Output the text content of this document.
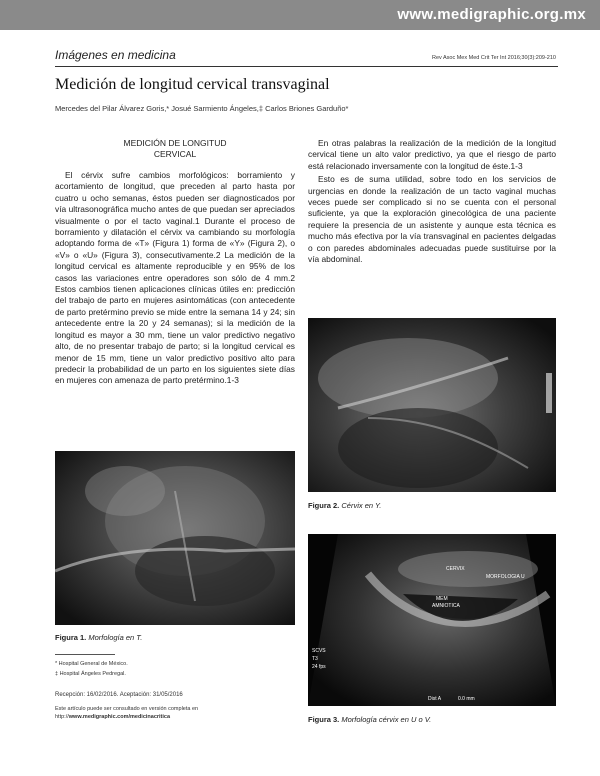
www.medigraphic.org.mx
Imágenes en medicina	Rev Asoc Mex Med Crit Ter Int 2016;30(3):209-210
Medición de longitud cervical transvaginal
Mercedes del Pilar Álvarez Goris,* Josué Sarmiento Ángeles,‡ Carlos Briones Garduño*
MEDICIÓN DE LONGITUD
CERVICAL

El cérvix sufre cambios morfológicos: borramiento y acortamiento de longitud, que preceden al parto hasta por cuatro u ocho semanas, éstos pueden ser diagnosticados por vía ultrasonográfica mucho antes de que puedan ser apreciados visualmente o por el tacto vaginal.1 Durante el proceso de borramiento y dilatación el cérvix va cambiando su morfología adoptando forma de «T» (Figura 1) forma de «Y» (Figura 2), o «V» o «U» (Figura 3), consecutivamente.2 La medición de la longitud cervical es altamente reproducible y en 95% de los casos las variaciones entre operadores son sólo de 4 mm.2 Estos cambios tienen aplicaciones clínicas útiles en: predicción del trabajo de parto en mujeres asintomáticas (con antecedente de parto pretérmino previo se mide entre la semana 14 y 24; sin antecedente entre la 20 y 24 semanas); si la medición de la longitud es mayor a 30 mm, tiene un valor predictivo negativo alto, de no presentar trabajo de parto; si la longitud cervical es menor de 15 mm, tiene un valor predictivo positivo alto para predecir la probabilidad de un parto en los siguientes siete días en mujeres con amenaza de parto pretérmino.1-3

En otras palabras la realización de la medición de la longitud cervical tiene un alto valor predictivo, ya que el riesgo de parto está relacionado inversamente con la longitud de éste.1-3

Esto es de suma utilidad, sobre todo en los servicios de urgencias en donde la realización de un tacto vaginal muchas veces puede ser complicado si no se cuenta con el personal suficiente, ya que la exploración ginecológica de una paciente requiere la presencia de un asistente y aunque esta técnica es mucho más efectiva por la vía transvaginal en pacientes delgadas o con paredes abdominales adecuadas puede sustituirse por la vía abdominal.

Figura 1. Morfología en T.
Figura 2. Cérvix en Y.
CERVIX
MORFOLOGIA U
MEM
AMNIOTICA
SCVS
T3
24 fps
Dist A	0.0 mm
Figura 3. Morfología cérvix en U o V.
* Hospital General de México.
‡ Hospital Ángeles Pedregal.
Recepción: 16/02/2016. Aceptación: 31/05/2016
Este artículo puede ser consultado en versión completa en
http://www.medigraphic.com/medicinacritica
